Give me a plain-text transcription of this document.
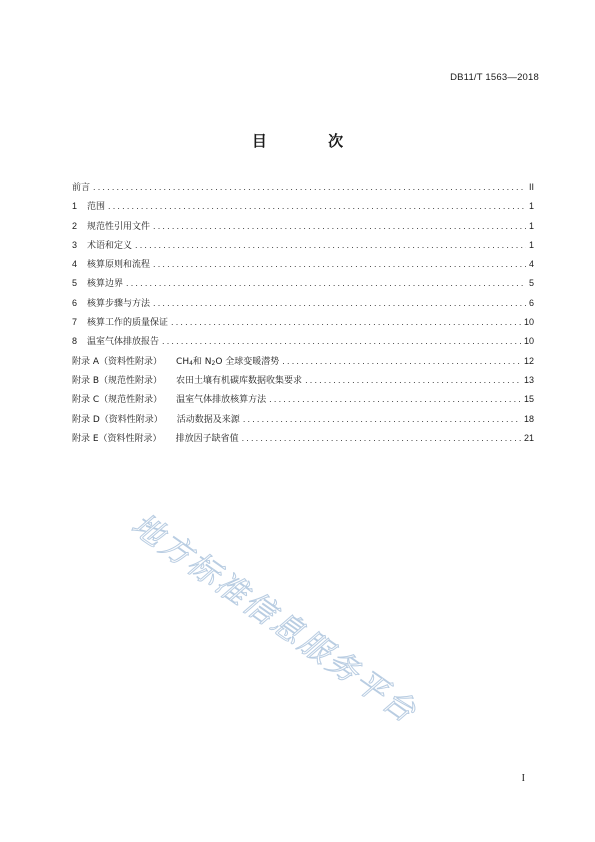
DB11/T 1563—2018
目 次
前言 .....	II
1	范围 .....	1
2	规范性引用文件 .....	1
3	术语和定义 .....	1
4	核算原则和流程 .....	4
5	核算边界 .....	5
6	核算步骤与方法 .....	6
7	核算工作的质量保证 .....	10
8	温室气体排放报告 .....	10
附录 A（资料性附录） $CH_4$和 $N_2O$ 全球变暖潜势 .....	12
附录 B（规范性附录） 农田土壤有机碳库数据收集要求 .....	13
附录 C（规范性附录） 温室气体排放核算方法 .....	15
附录 D（资料性附录） 活动数据及来源 .....	18
附录 E（资料性附录） 排放因子缺省值 .....	21
地方标准信息服务平台
I
